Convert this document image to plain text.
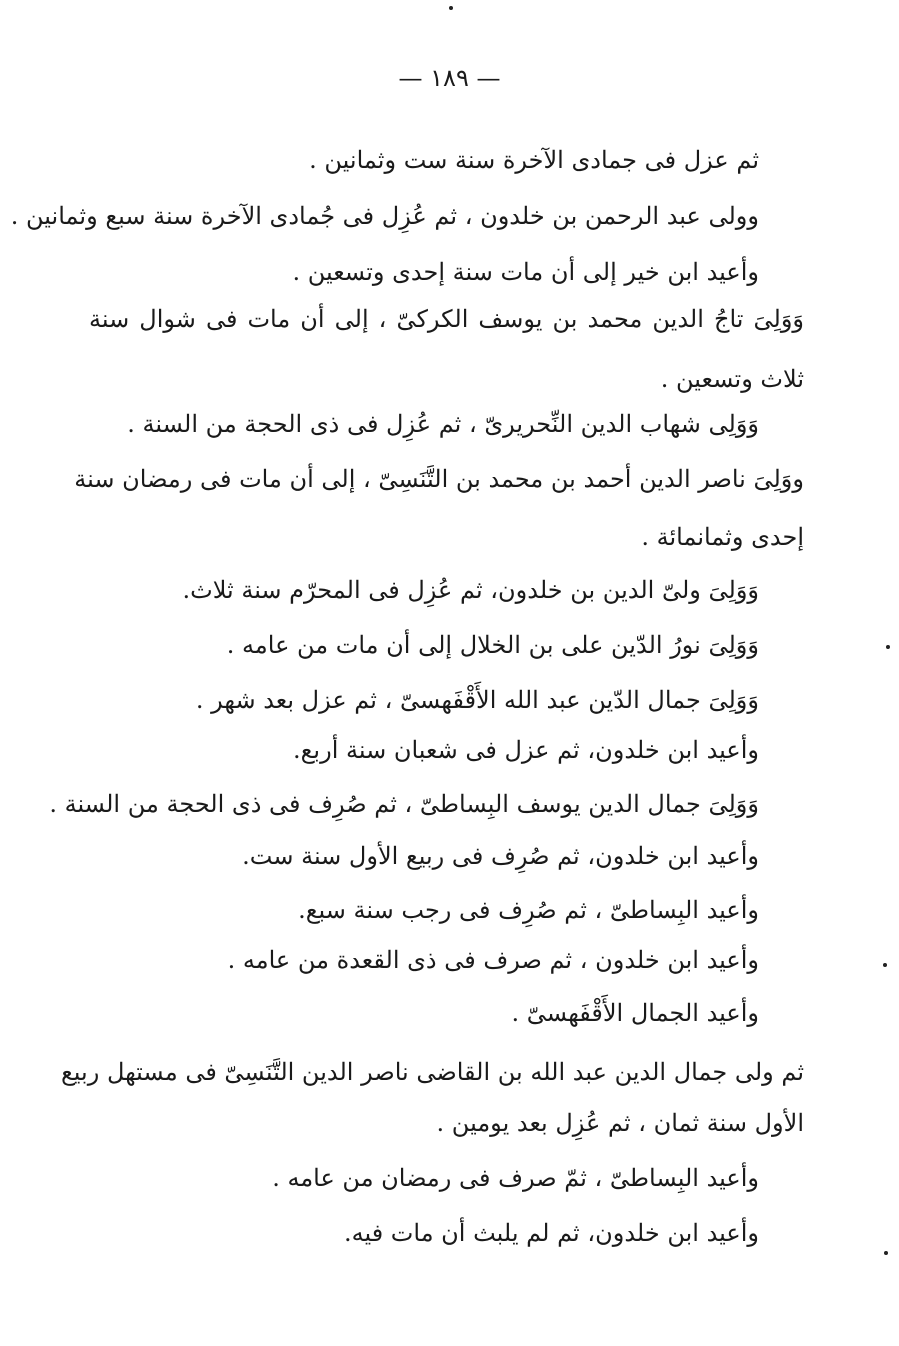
— ١٨٩ —
ثم عزل فى جمادى الآخرة سنة ست وثمانين .
وولى عبد الرحمن بن خلدون ، ثم عُزِل فى جُمادى الآخرة سنة سبع وثمانين .
وأعيد ابن خير إلى أن مات سنة إحدى وتسعين .
وَوَلِىَ تاجُ الدين محمد بن يوسف الكركىّ ، إلى أن مات فى شوال سنة
ثلاث وتسعين .
وَوَلِى شهاب الدين النِّحريرىّ ، ثم عُزِل فى ذى الحجة من السنة .
ووَلِىَ ناصر الدين أحمد بن محمد بن التَّنَسِىّ ، إلى أن مات فى رمضان سنة
إحدى وثمانمائة .
وَوَلِىَ ولىّ الدين بن خلدون، ثم عُزِل فى المحرّم سنة ثلاث.
وَوَلِىَ نورُ الدّين على بن الخلال إلى أن مات من عامه .
وَوَلِىَ جمال الدّين عبد الله الأَقْفَهسىّ ، ثم عزل بعد شهر .
وأعيد ابن خلدون، ثم عزل فى شعبان سنة أربع.
وَوَلِىَ جمال الدين يوسف البِساطىّ ، ثم صُرِف فى ذى الحجة من السنة .
وأعيد ابن خلدون، ثم صُرِف فى ربيع الأول سنة ست.
وأعيد البِساطىّ ، ثم صُرِف فى رجب سنة سبع.
وأعيد ابن خلدون ، ثم صرف فى ذى القعدة من عامه .
وأعيد الجمال الأَقْفَهسىّ .
ثم ولى جمال الدين عبد الله بن القاضى ناصر الدين التَّنَسِىّ فى مستهل ربيع
الأول سنة ثمان ، ثم عُزِل بعد يومين .
وأعيد البِساطىّ ، ثمّ صرف فى رمضان من عامه .
وأعيد ابن خلدون، ثم لم يلبث أن مات فيه.
